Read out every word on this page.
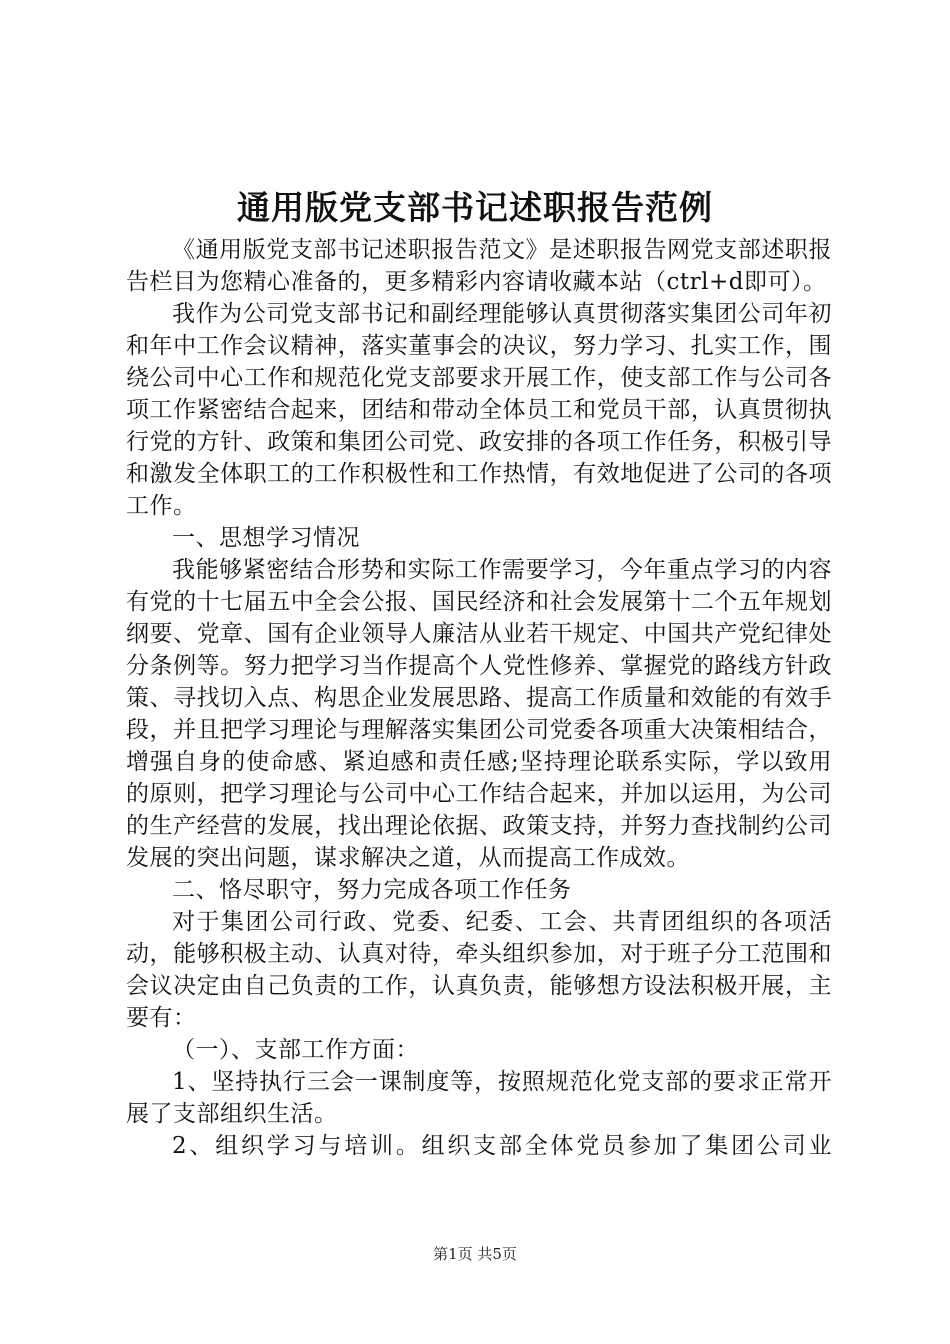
通用版党支部书记述职报告范例

《通用版党支部书记述职报告范文》是述职报告网党支部述职报告栏目为您精心准备的，更多精彩内容请收藏本站（ctrl+d即可）。

我作为公司党支部书记和副经理能够认真贯彻落实集团公司年初和年中工作会议精神，落实董事会的决议，努力学习、扎实工作，围绕公司中心工作和规范化党支部要求开展工作，使支部工作与公司各项工作紧密结合起来，团结和带动全体员工和党员干部，认真贯彻执行党的方针、政策和集团公司党、政安排的各项工作任务，积极引导和激发全体职工的工作积极性和工作热情，有效地促进了公司的各项工作。

一、思想学习情况

我能够紧密结合形势和实际工作需要学习，今年重点学习的内容有党的十七届五中全会公报、国民经济和社会发展第十二个五年规划纲要、党章、国有企业领导人廉洁从业若干规定、中国共产党纪律处分条例等。努力把学习当作提高个人党性修养、掌握党的路线方针政策、寻找切入点、构思企业发展思路、提高工作质量和效能的有效手段，并且把学习理论与理解落实集团公司党委各项重大决策相结合，增强自身的使命感、紧迫感和责任感;坚持理论联系实际，学以致用的原则，把学习理论与公司中心工作结合起来，并加以运用，为公司的生产经营的发展，找出理论依据、政策支持，并努力查找制约公司发展的突出问题，谋求解决之道，从而提高工作成效。

二、恪尽职守，努力完成各项工作任务

对于集团公司行政、党委、纪委、工会、共青团组织的各项活动，能够积极主动、认真对待，牵头组织参加，对于班子分工范围和会议决定由自己负责的工作，认真负责，能够想方设法积极开展，主要有：

（一）、支部工作方面：

1、坚持执行三会一课制度等，按照规范化党支部的要求正常开展了支部组织生活。

2、组织学习与培训。组织支部全体党员参加了集团公司业

第1页 共5页
